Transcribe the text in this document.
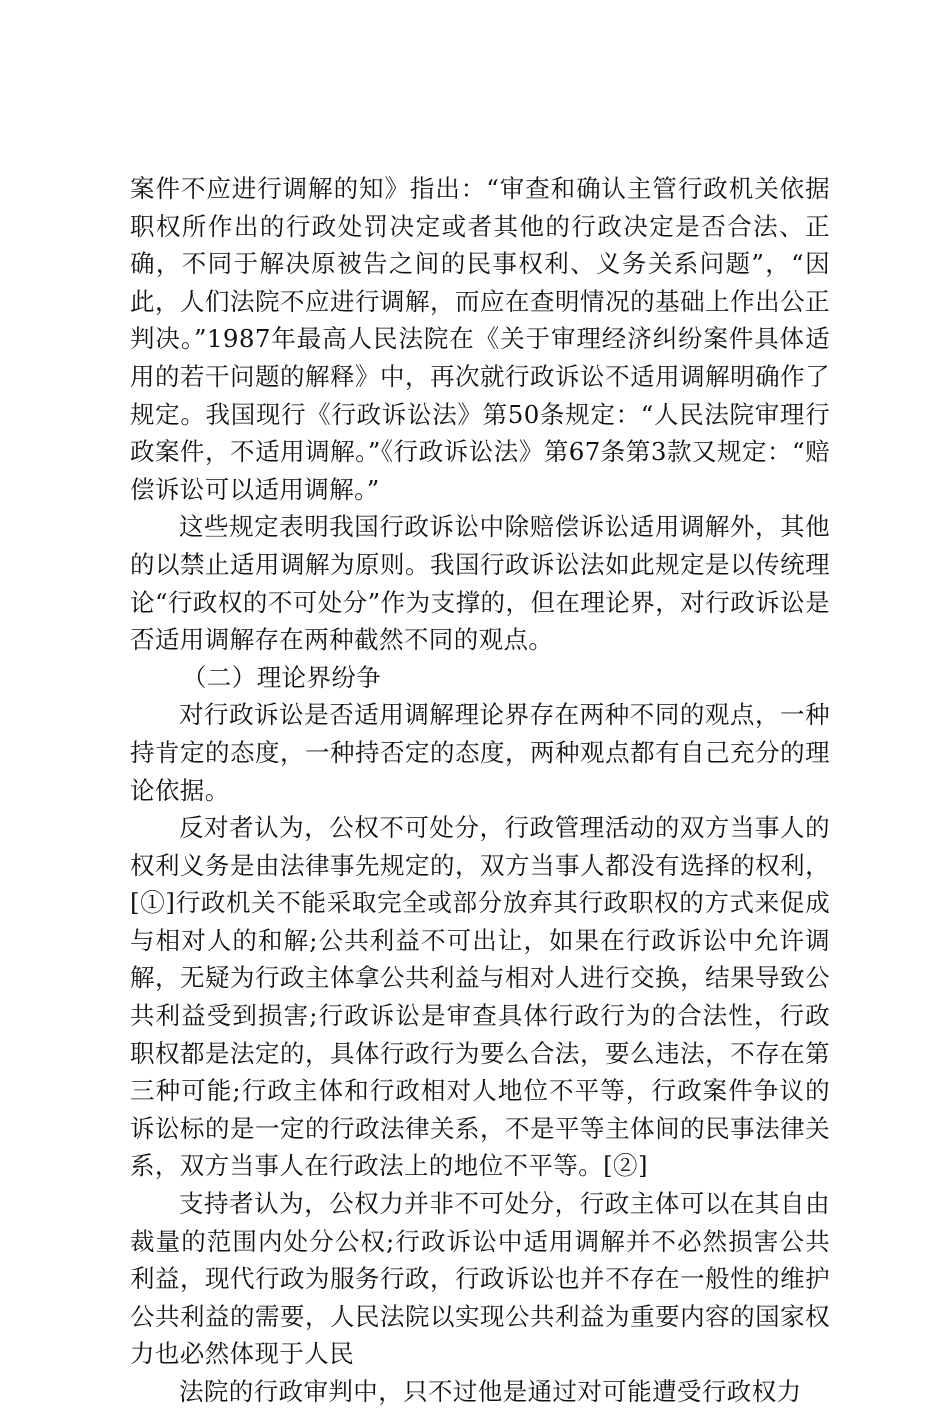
案件不应进行调解的知》指出：“审查和确认主管行政机关依据职权所作出的行政处罚决定或者其他的行政决定是否合法、正确，不同于解决原被告之间的民事权利、义务关系问题”，“因此，人们法院不应进行调解，而应在查明情况的基础上作出公正判决。”1987年最高人民法院在《关于审理经济纠纷案件具体适用的若干问题的解释》中，再次就行政诉讼不适用调解明确作了规定。我国现行《行政诉讼法》第50条规定：“人民法院审理行政案件，不适用调解。”《行政诉讼法》第67条第3款又规定：“赔偿诉讼可以适用调解。”

这些规定表明我国行政诉讼中除赔偿诉讼适用调解外，其他的以禁止适用调解为原则。我国行政诉讼法如此规定是以传统理论“行政权的不可处分”作为支撑的，但在理论界，对行政诉讼是否适用调解存在两种截然不同的观点。

（二）理论界纷争

对行政诉讼是否适用调解理论界存在两种不同的观点，一种持肯定的态度，一种持否定的态度，两种观点都有自己充分的理论依据。

反对者认为，公权不可处分，行政管理活动的双方当事人的权利义务是由法律事先规定的，双方当事人都没有选择的权利，[①]行政机关不能采取完全或部分放弃其行政职权的方式来促成与相对人的和解;公共利益不可出让，如果在行政诉讼中允许调解，无疑为行政主体拿公共利益与相对人进行交换，结果导致公共利益受到损害;行政诉讼是审查具体行政行为的合法性，行政职权都是法定的，具体行政行为要么合法，要么违法，不存在第三种可能;行政主体和行政相对人地位不平等，行政案件争议的诉讼标的是一定的行政法律关系，不是平等主体间的民事法律关系，双方当事人在行政法上的地位不平等。[②]

支持者认为，公权力并非不可处分，行政主体可以在其自由裁量的范围内处分公权;行政诉讼中适用调解并不必然损害公共利益，现代行政为服务行政，行政诉讼也并不存在一般性的维护公共利益的需要，人民法院以实现公共利益为重要内容的国家权力也必然体现于人民

法院的行政审判中，只不过他是通过对可能遭受行政权力
